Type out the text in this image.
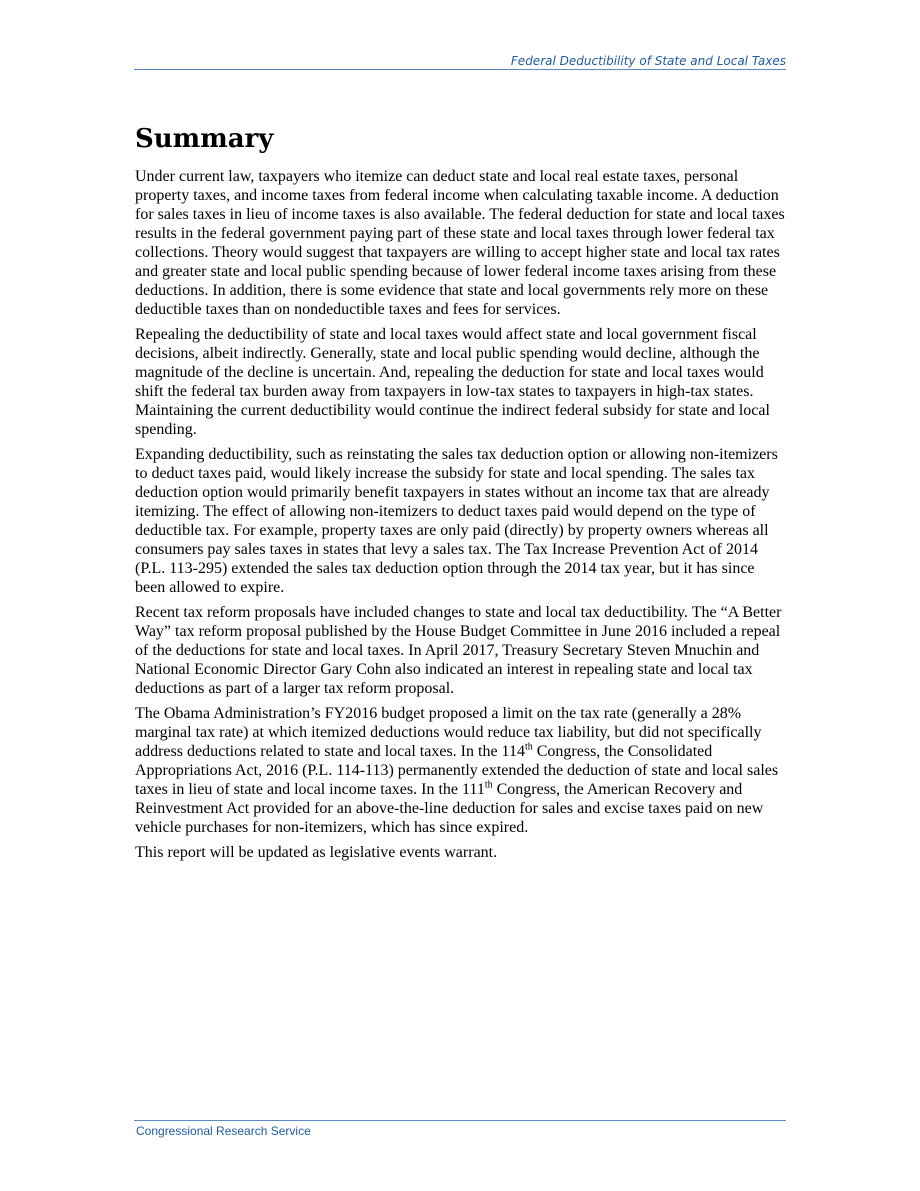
Federal Deductibility of State and Local Taxes
Summary

Under current law, taxpayers who itemize can deduct state and local real estate taxes, personal property taxes, and income taxes from federal income when calculating taxable income. A deduction for sales taxes in lieu of income taxes is also available. The federal deduction for state and local taxes results in the federal government paying part of these state and local taxes through lower federal tax collections. Theory would suggest that taxpayers are willing to accept higher state and local tax rates and greater state and local public spending because of lower federal income taxes arising from these deductions. In addition, there is some evidence that state and local governments rely more on these deductible taxes than on nondeductible taxes and fees for services.

Repealing the deductibility of state and local taxes would affect state and local government fiscal decisions, albeit indirectly. Generally, state and local public spending would decline, although the magnitude of the decline is uncertain. And, repealing the deduction for state and local taxes would shift the federal tax burden away from taxpayers in low-tax states to taxpayers in high-tax states. Maintaining the current deductibility would continue the indirect federal subsidy for state and local spending.

Expanding deductibility, such as reinstating the sales tax deduction option or allowing non-itemizers to deduct taxes paid, would likely increase the subsidy for state and local spending. The sales tax deduction option would primarily benefit taxpayers in states without an income tax that are already itemizing. The effect of allowing non-itemizers to deduct taxes paid would depend on the type of deductible tax. For example, property taxes are only paid (directly) by property owners whereas all consumers pay sales taxes in states that levy a sales tax. The Tax Increase Prevention Act of 2014 (P.L. 113-295) extended the sales tax deduction option through the 2014 tax year, but it has since been allowed to expire.

Recent tax reform proposals have included changes to state and local tax deductibility. The “A Better Way” tax reform proposal published by the House Budget Committee in June 2016 included a repeal of the deductions for state and local taxes. In April 2017, Treasury Secretary Steven Mnuchin and National Economic Director Gary Cohn also indicated an interest in repealing state and local tax deductions as part of a larger tax reform proposal.

The Obama Administration’s FY2016 budget proposed a limit on the tax rate (generally a 28% marginal tax rate) at which itemized deductions would reduce tax liability, but did not specifically address deductions related to state and local taxes. In the 114th Congress, the Consolidated Appropriations Act, 2016 (P.L. 114-113) permanently extended the deduction of state and local sales taxes in lieu of state and local income taxes. In the 111th Congress, the American Recovery and Reinvestment Act provided for an above-the-line deduction for sales and excise taxes paid on new vehicle purchases for non-itemizers, which has since expired.

This report will be updated as legislative events warrant.

Congressional Research Service
